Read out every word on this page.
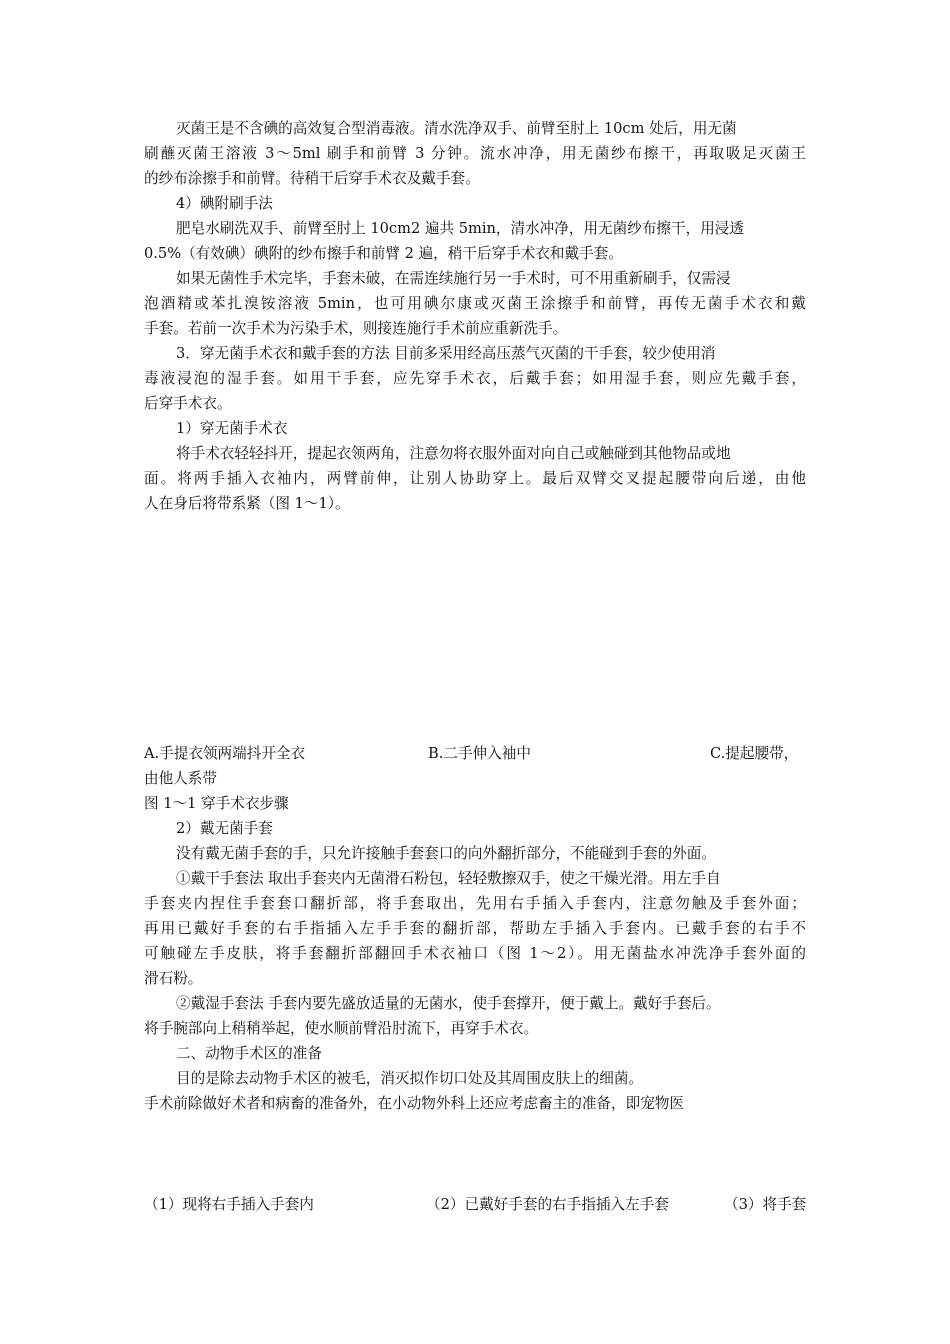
灭菌王是不含碘的高效复合型消毒液。清水洗净双手、前臂至肘上 10cm 处后，用无菌
刷蘸灭菌王溶液 3～5ml 刷手和前臂 3 分钟。流水冲净，用无菌纱布擦干，再取吸足灭菌王
的纱布涂擦手和前臂。待稍干后穿手术衣及戴手套。
4）碘附刷手法
肥皂水刷洗双手、前臂至肘上 10cm2 遍共 5min，清水冲净，用无菌纱布擦干，用浸透
0.5%（有效碘）碘附的纱布擦手和前臂 2 遍，稍干后穿手术衣和戴手套。
如果无菌性手术完毕，手套未破，在需连续施行另一手术时，可不用重新刷手，仅需浸
泡酒精或苯扎溴铵溶液 5min，也可用碘尔康或灭菌王涂擦手和前臂，再传无菌手术衣和戴
手套。若前一次手术为污染手术，则接连施行手术前应重新洗手。
3．穿无菌手术衣和戴手套的方法 目前多采用经高压蒸气灭菌的干手套，较少使用消
毒液浸泡的湿手套。如用干手套，应先穿手术衣，后戴手套；如用湿手套，则应先戴手套，
后穿手术衣。
1）穿无菌手术衣
将手术衣轻轻抖开，提起衣领两角，注意勿将衣服外面对向自己或触碰到其他物品或地
面。将两手插入衣袖内，两臂前伸，让别人协助穿上。最后双臂交叉提起腰带向后递，由他
人在身后将带系紧（图 1～1）。
A.手提衣领两端抖开全衣	B.二手伸入袖中	C.提起腰带，
由他人系带
图 1～1 穿手术衣步骤
2）戴无菌手套
没有戴无菌手套的手，只允许接触手套套口的向外翻折部分，不能碰到手套的外面。
①戴干手套法 取出手套夹内无菌滑石粉包，轻轻敷擦双手，使之干燥光滑。用左手自
手套夹内捏住手套套口翻折部，将手套取出，先用右手插入手套内，注意勿触及手套外面；
再用已戴好手套的右手指插入左手手套的翻折部，帮助左手插入手套内。已戴手套的右手不
可触碰左手皮肤，将手套翻折部翻回手术衣袖口（图 1～2）。用无菌盐水冲洗净手套外面的
滑石粉。
②戴湿手套法 手套内要先盛放适量的无菌水，使手套撑开，便于戴上。戴好手套后。
将手腕部向上稍稍举起，使水顺前臂沿肘流下，再穿手术衣。
二、动物手术区的准备
目的是除去动物手术区的被毛，消灭拟作切口处及其周围皮肤上的细菌。
手术前除做好术者和病畜的准备外，在小动物外科上还应考虑畜主的准备，即宠物医
（1）现将右手插入手套内	（2）已戴好手套的右手指插入左手套	（3）将手套
